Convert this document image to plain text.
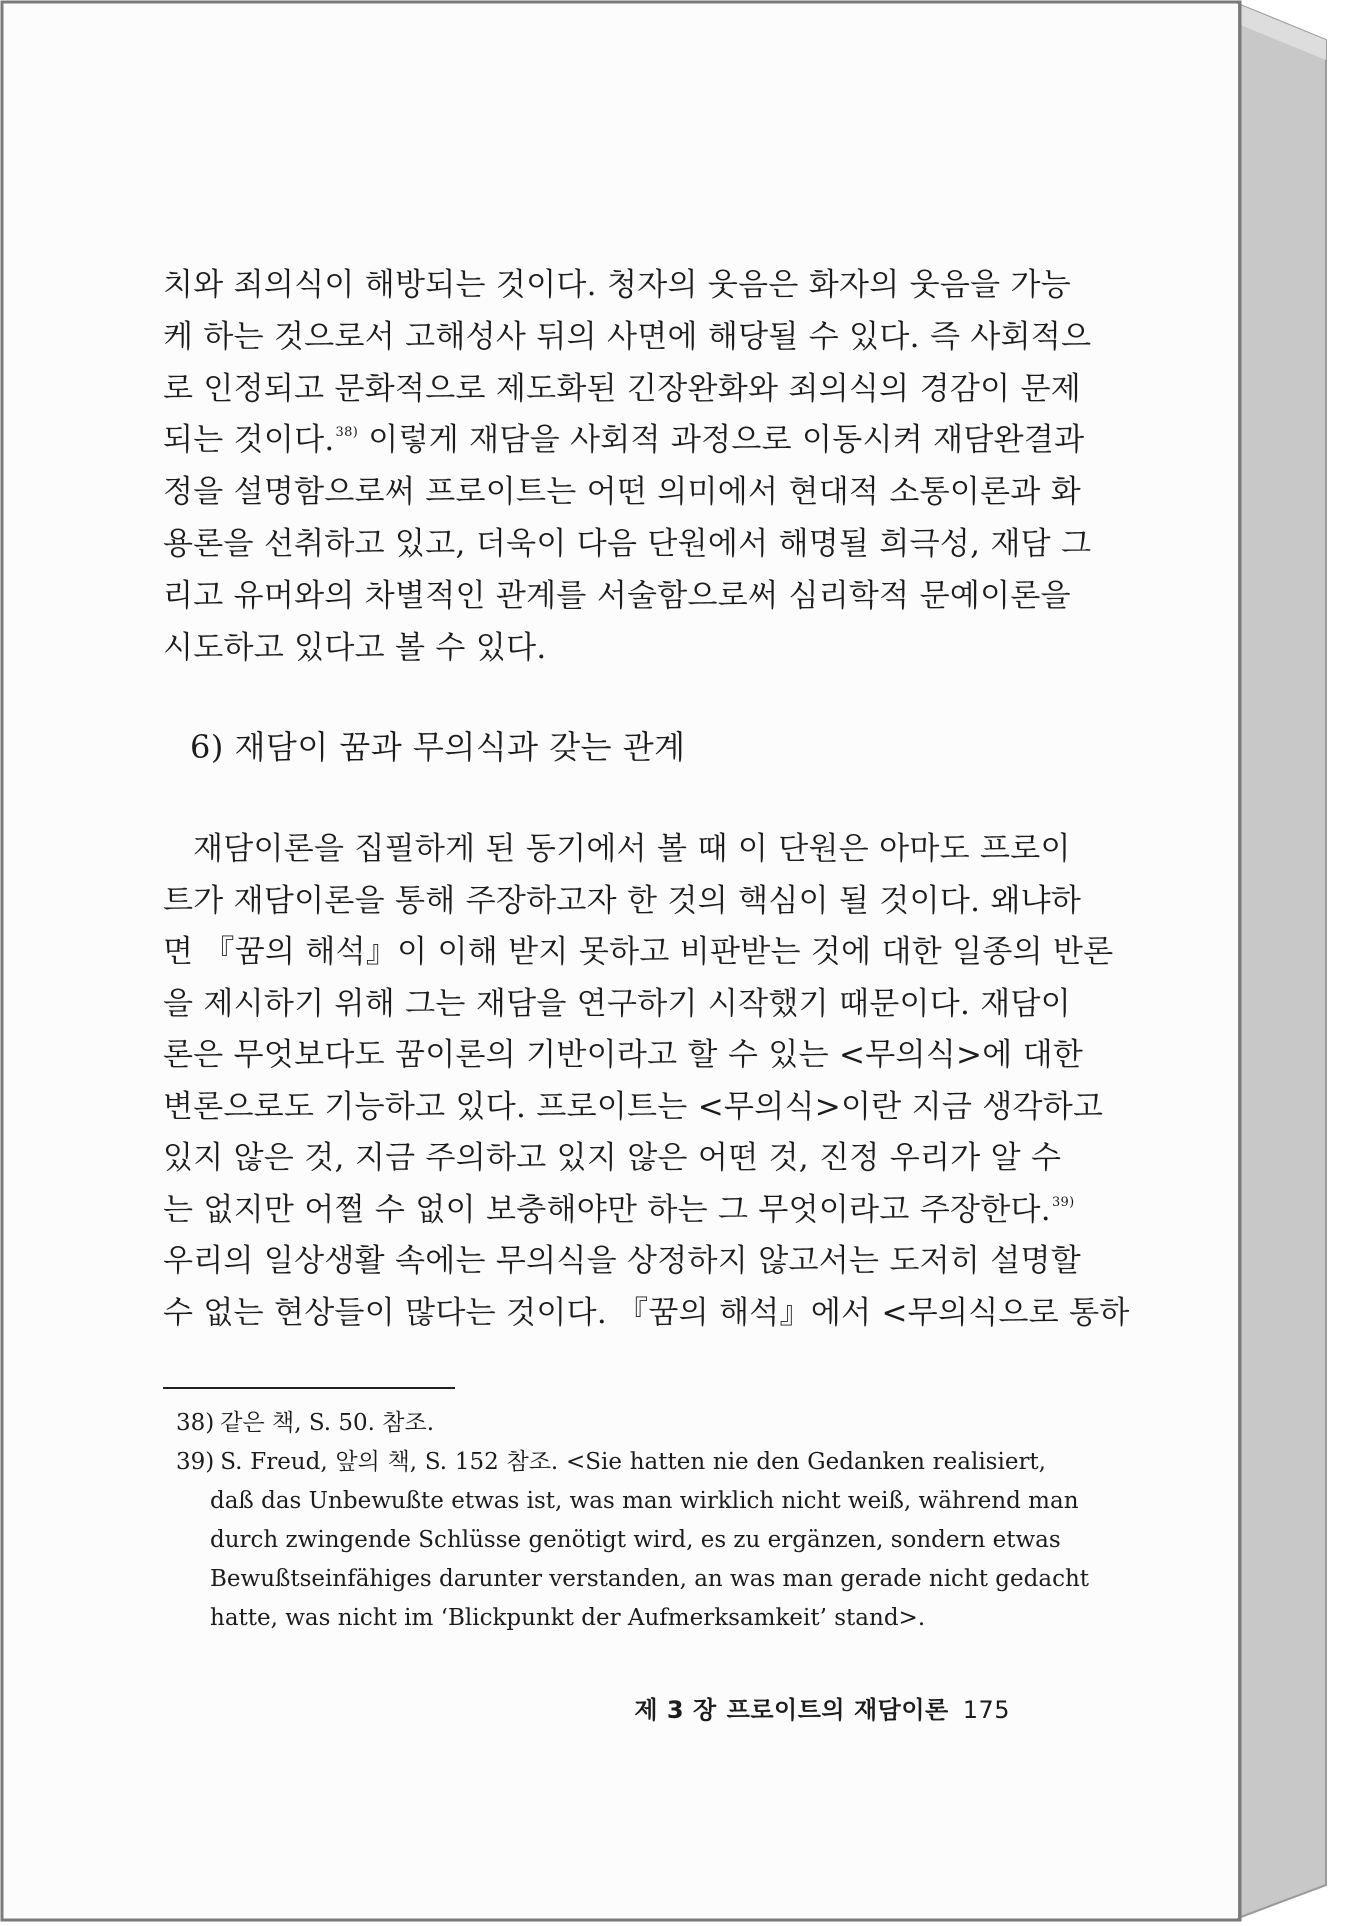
치와 죄의식이 해방되는 것이다. 청자의 웃음은 화자의 웃음을 가능
케 하는 것으로서 고해성사 뒤의 사면에 해당될 수 있다. 즉 사회적으
로 인정되고 문화적으로 제도화된 긴장완화와 죄의식의 경감이 문제
되는 것이다.$^{38)}$ 이렇게 재담을 사회적 과정으로 이동시켜 재담완결과
정을 설명함으로써 프로이트는 어떤 의미에서 현대적 소통이론과 화
용론을 선취하고 있고, 더욱이 다음 단원에서 해명될 희극성, 재담 그
리고 유머와의 차별적인 관계를 서술함으로써 심리학적 문예이론을
시도하고 있다고 볼 수 있다.
6) 재담이 꿈과 무의식과 갖는 관계
재담이론을 집필하게 된 동기에서 볼 때 이 단원은 아마도 프로이
트가 재담이론을 통해 주장하고자 한 것의 핵심이 될 것이다. 왜냐하
면 『꿈의 해석』이 이해 받지 못하고 비판받는 것에 대한 일종의 반론
을 제시하기 위해 그는 재담을 연구하기 시작했기 때문이다. 재담이
론은 무엇보다도 꿈이론의 기반이라고 할 수 있는 <무의식>에 대한
변론으로도 기능하고 있다. 프로이트는 <무의식>이란 지금 생각하고
있지 않은 것, 지금 주의하고 있지 않은 어떤 것, 진정 우리가 알 수
는 없지만 어쩔 수 없이 보충해야만 하는 그 무엇이라고 주장한다.$^{39)}$
우리의 일상생활 속에는 무의식을 상정하지 않고서는 도저히 설명할
수 없는 현상들이 많다는 것이다. 『꿈의 해석』에서 <무의식으로 통하
38) 같은 책, S. 50. 참조.
39) S. Freud, 앞의 책, S. 152 참조. <Sie hatten nie den Gedanken realisiert,
daß das Unbewußte etwas ist, was man wirklich nicht weiß, während man
durch zwingende Schlüsse genötigt wird, es zu ergänzen, sondern etwas
Bewußtseinfähiges darunter verstanden, an was man gerade nicht gedacht
hatte, was nicht im ‘Blickpunkt der Aufmerksamkeit’ stand>.

제 3 장 프로이트의 재담이론 175
